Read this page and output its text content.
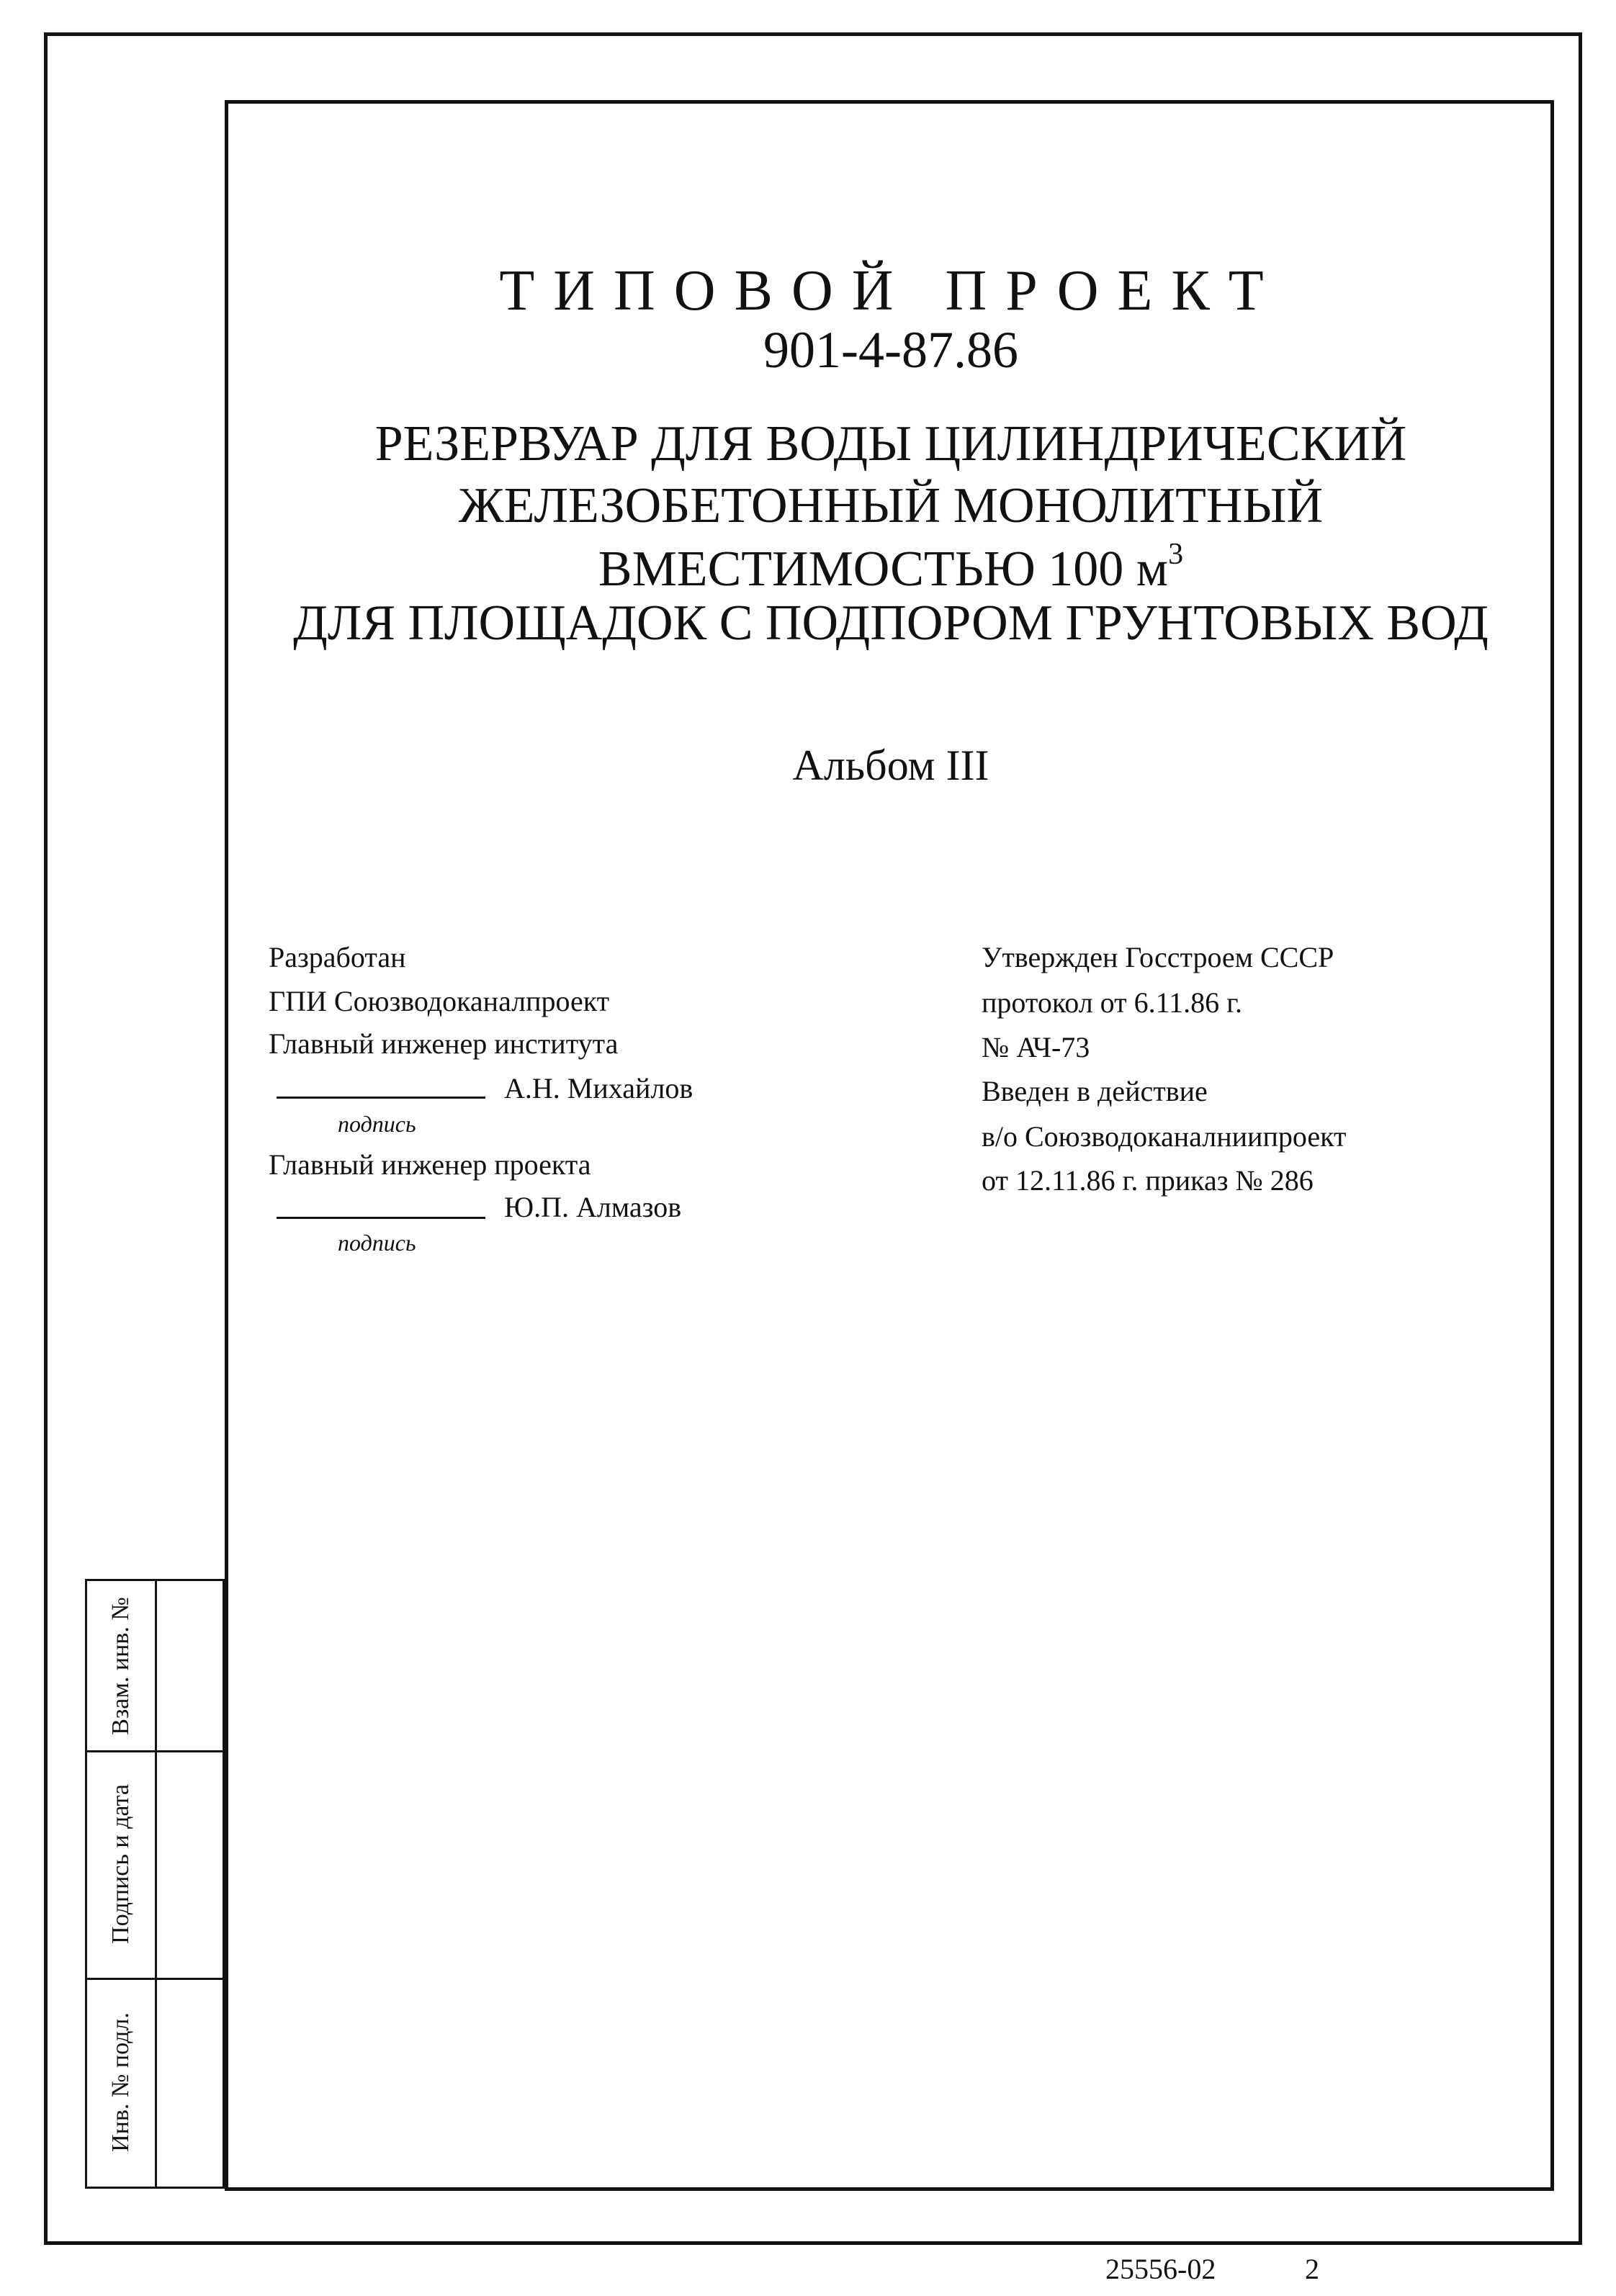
ТИПОВОЙ ПРОЕКТ
901-4-87.86
РЕЗЕРВУАР ДЛЯ ВОДЫ ЦИЛИНДРИЧЕСКИЙ
ЖЕЛЕЗОБЕТОННЫЙ МОНОЛИТНЫЙ
ВМЕСТИМОСТЬЮ 100 $м^3$
ДЛЯ ПЛОЩАДОК С ПОДПОРОМ ГРУНТОВЫХ ВОД
Альбом III
Разработан
ГПИ Союзводоканалпроект
Главный инженер института
А.Н. Михайлов
подпись
Главный инженер проекта
Ю.П. Алмазов
подпись
Утвержден Госстроем СССР
протокол от 6.11.86 г.
№ АЧ-73
Введен в действие
в/о Союзводоканалниипроект
от 12.11.86 г. приказ № 286
Взам. инв. №
Подпись и дата
Инв. № подл.
25556-02	2
